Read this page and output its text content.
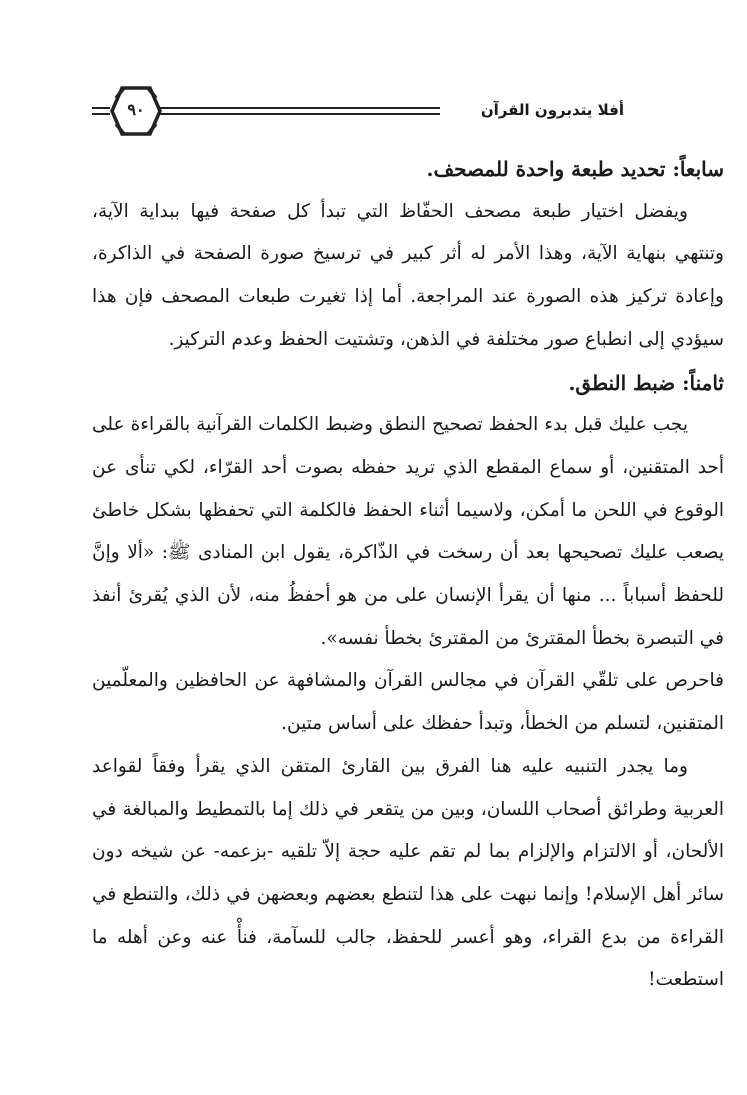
٩٠	أفلا يتدبرون القرآن

سابعاً: تحديد طبعة واحدة للمصحف.

ويفضل اختيار طبعة مصحف الحفّاظ التي تبدأ كل صفحة فيها ببداية الآية، وتنتهي بنهاية الآية، وهذا الأمر له أثر كبير في ترسيخ صورة الصفحة في الذاكرة، وإعادة تركيز هذه الصورة عند المراجعة. أما إذا تغيرت طبعات المصحف فإن هذا سيؤدي إلى انطباع صور مختلفة في الذهن، وتشتيت الحفظ وعدم التركيز.

ثامناً: ضبط النطق.

يجب عليك قبل بدء الحفظ تصحيح النطق وضبط الكلمات القرآنية بالقراءة على أحد المتقنين، أو سماع المقطع الذي تريد حفظه بصوت أحد القرّاء، لكي تنأى عن الوقوع في اللحن ما أمكن، ولاسيما أثناء الحفظ فالكلمة التي تحفظها بشكل خاطئ يصعب عليك تصحيحها بعد أن رسخت في الذّاكرة، يقول ابن المنادى ﷺ: «ألا وإنَّ للحفظ أسباباً ... منها أن يقرأ الإنسان على من هو أحفظُ منه، لأن الذي يُقرئ أنفذ في التبصرة بخطأ المقترئ من المقترئ بخطأ نفسه».

فاحرص على تلقّي القرآن في مجالس القرآن والمشافهة عن الحافظين والمعلّمين المتقنين، لتسلم من الخطأ، وتبدأ حفظك على أساس متين.

وما يجدر التنبيه عليه هنا الفرق بين القارئ المتقن الذي يقرأ وفقاً لقواعد العربية وطرائق أصحاب اللسان، وبين من يتقعر في ذلك إما بالتمطيط والمبالغة في الألحان، أو الالتزام والإلزام بما لم تقم عليه حجة إلاّ تلقيه -بزعمه- عن شيخه دون سائر أهل الإسلام! وإنما نبهت على هذا لتنطع بعضهم وبعضهن في ذلك، والتنطع في القراءة من بدع القراء، وهو أعسر للحفظ، جالب للسآمة، فنأْ عنه وعن أهله ما استطعت!
